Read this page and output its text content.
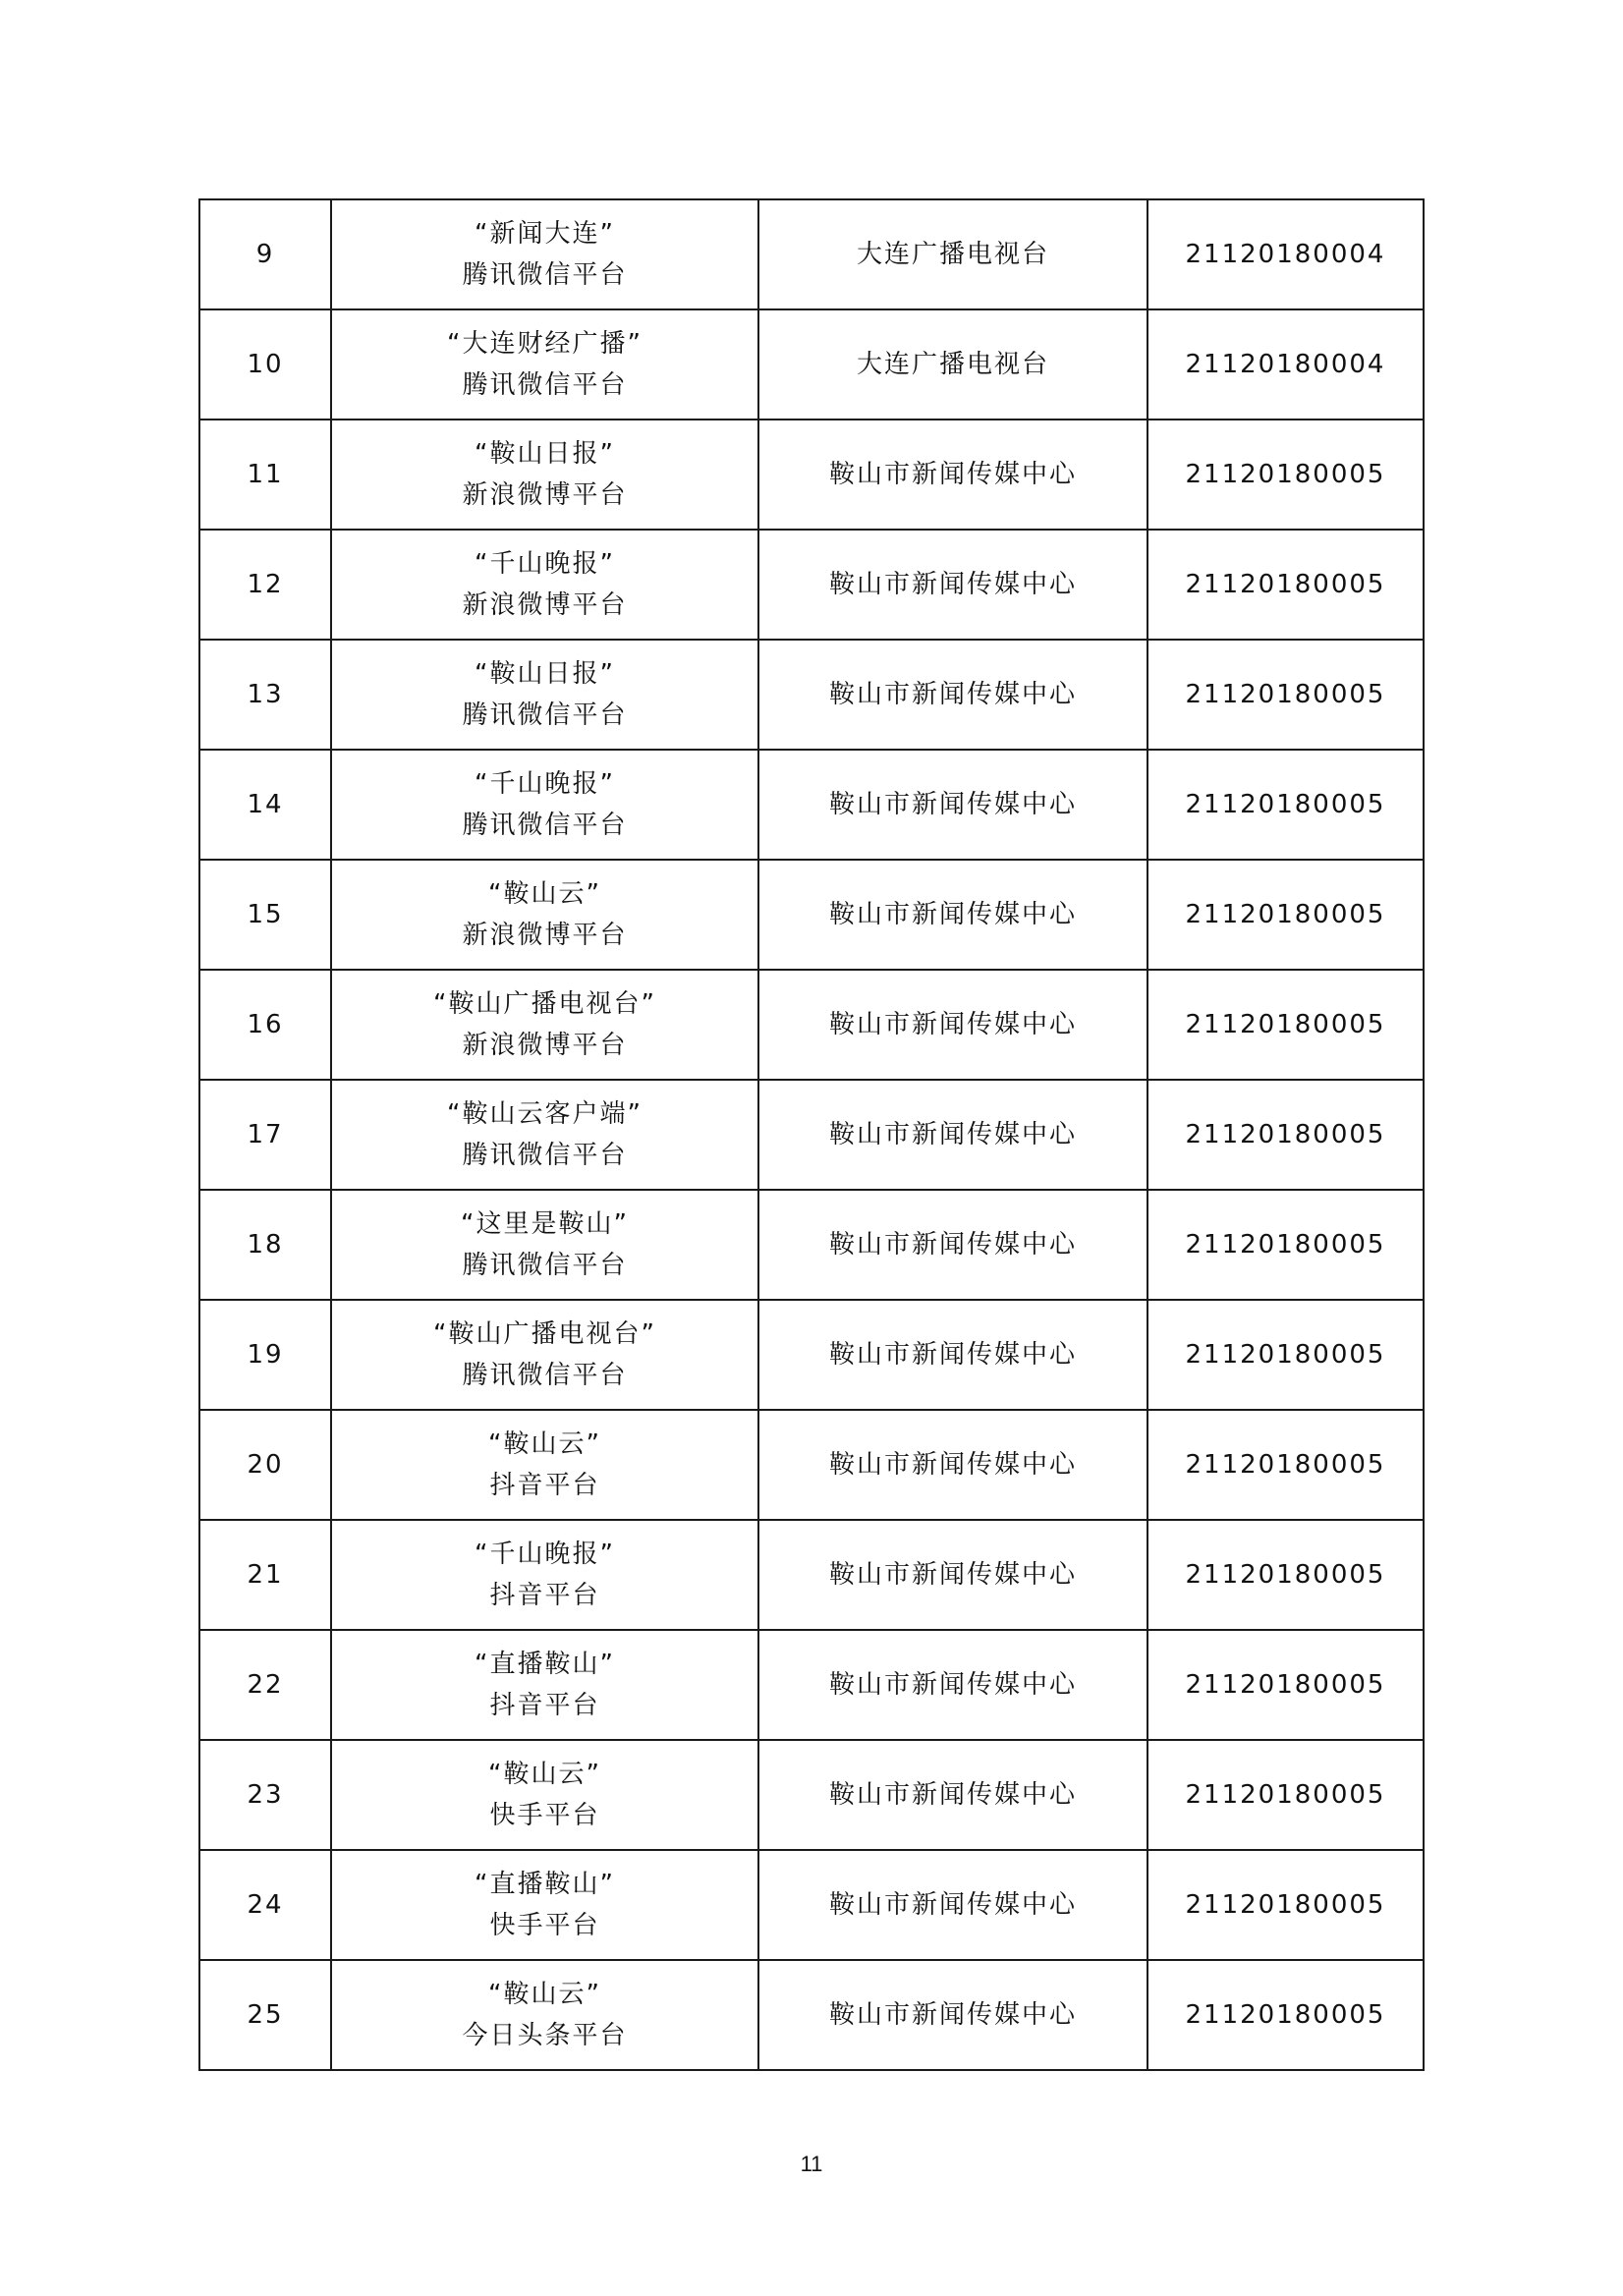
9	“新闻大连”
腾讯微信平台	大连广播电视台	21120180004
10	“大连财经广播”
腾讯微信平台	大连广播电视台	21120180004
11	“鞍山日报”
新浪微博平台	鞍山市新闻传媒中心	21120180005
12	“千山晚报”
新浪微博平台	鞍山市新闻传媒中心	21120180005
13	“鞍山日报”
腾讯微信平台	鞍山市新闻传媒中心	21120180005
14	“千山晚报”
腾讯微信平台	鞍山市新闻传媒中心	21120180005
15	“鞍山云”
新浪微博平台	鞍山市新闻传媒中心	21120180005
16	“鞍山广播电视台”
新浪微博平台	鞍山市新闻传媒中心	21120180005
17	“鞍山云客户端”
腾讯微信平台	鞍山市新闻传媒中心	21120180005
18	“这里是鞍山”
腾讯微信平台	鞍山市新闻传媒中心	21120180005
19	“鞍山广播电视台”
腾讯微信平台	鞍山市新闻传媒中心	21120180005
20	“鞍山云”
抖音平台	鞍山市新闻传媒中心	21120180005
21	“千山晚报”
抖音平台	鞍山市新闻传媒中心	21120180005
22	“直播鞍山”
抖音平台	鞍山市新闻传媒中心	21120180005
23	“鞍山云”
快手平台	鞍山市新闻传媒中心	21120180005
24	“直播鞍山”
快手平台	鞍山市新闻传媒中心	21120180005
25	“鞍山云”
今日头条平台	鞍山市新闻传媒中心	21120180005
11
